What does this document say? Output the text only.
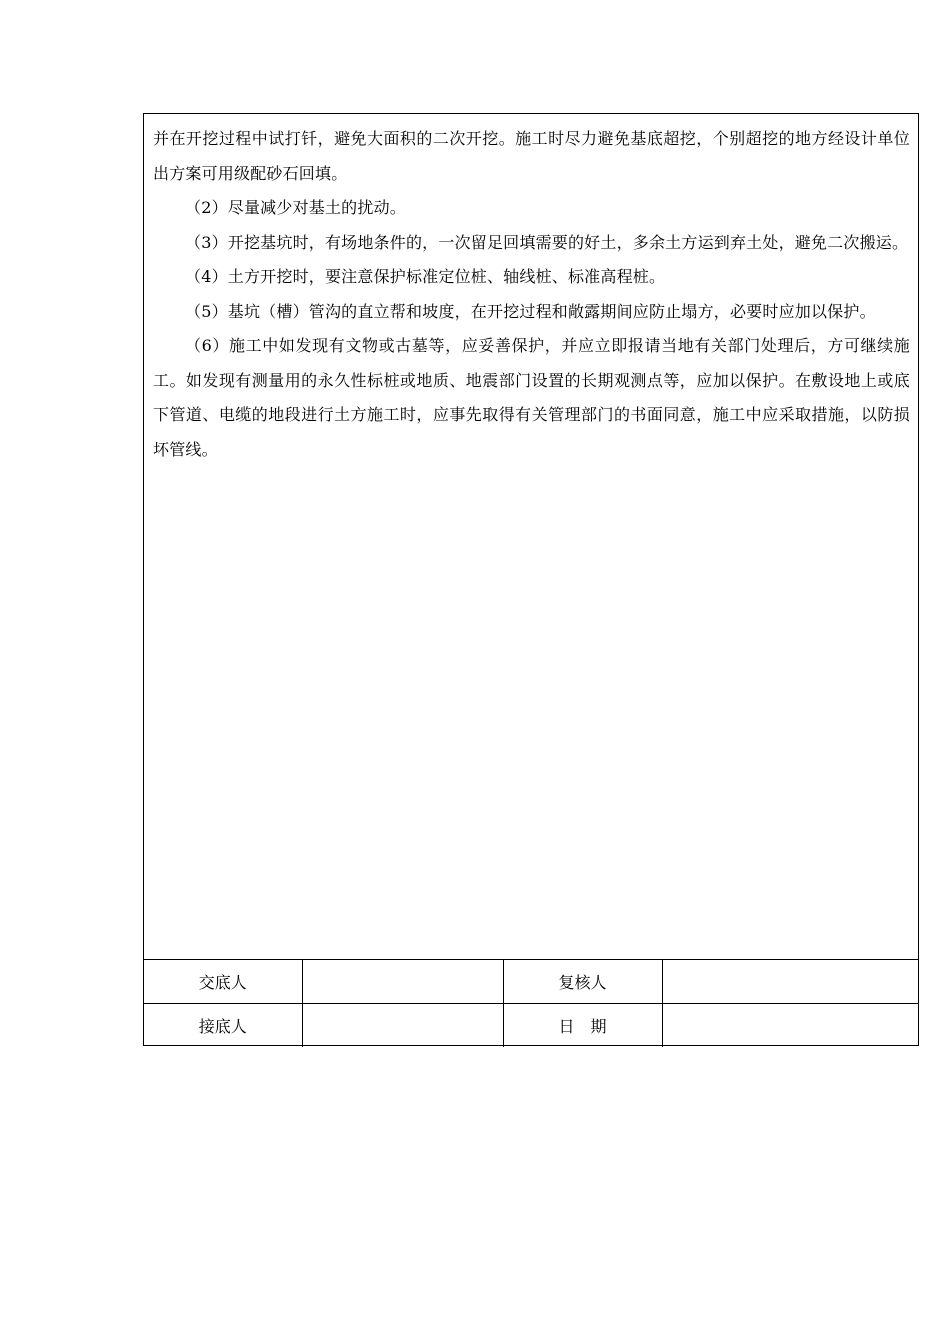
并在开挖过程中试打钎，避免大面积的二次开挖。施工时尽力避免基底超挖，个别超挖的地方经设计单位出方案可用级配砂石回填。

（2）尽量减少对基土的扰动。

（3）开挖基坑时，有场地条件的，一次留足回填需要的好土，多余土方运到弃土处，避免二次搬运。

（4）土方开挖时，要注意保护标准定位桩、轴线桩、标准高程桩。

（5）基坑（槽）管沟的直立帮和坡度，在开挖过程和敞露期间应防止塌方，必要时应加以保护。

（6）施工中如发现有文物或古墓等，应妥善保护，并应立即报请当地有关部门处理后，方可继续施工。如发现有测量用的永久性标桩或地质、地震部门设置的长期观测点等，应加以保护。在敷设地上或底下管道、电缆的地段进行土方施工时，应事先取得有关管理部门的书面同意，施工中应采取措施，以防损坏管线。

交底人		复核人	
接底人		日　期	
